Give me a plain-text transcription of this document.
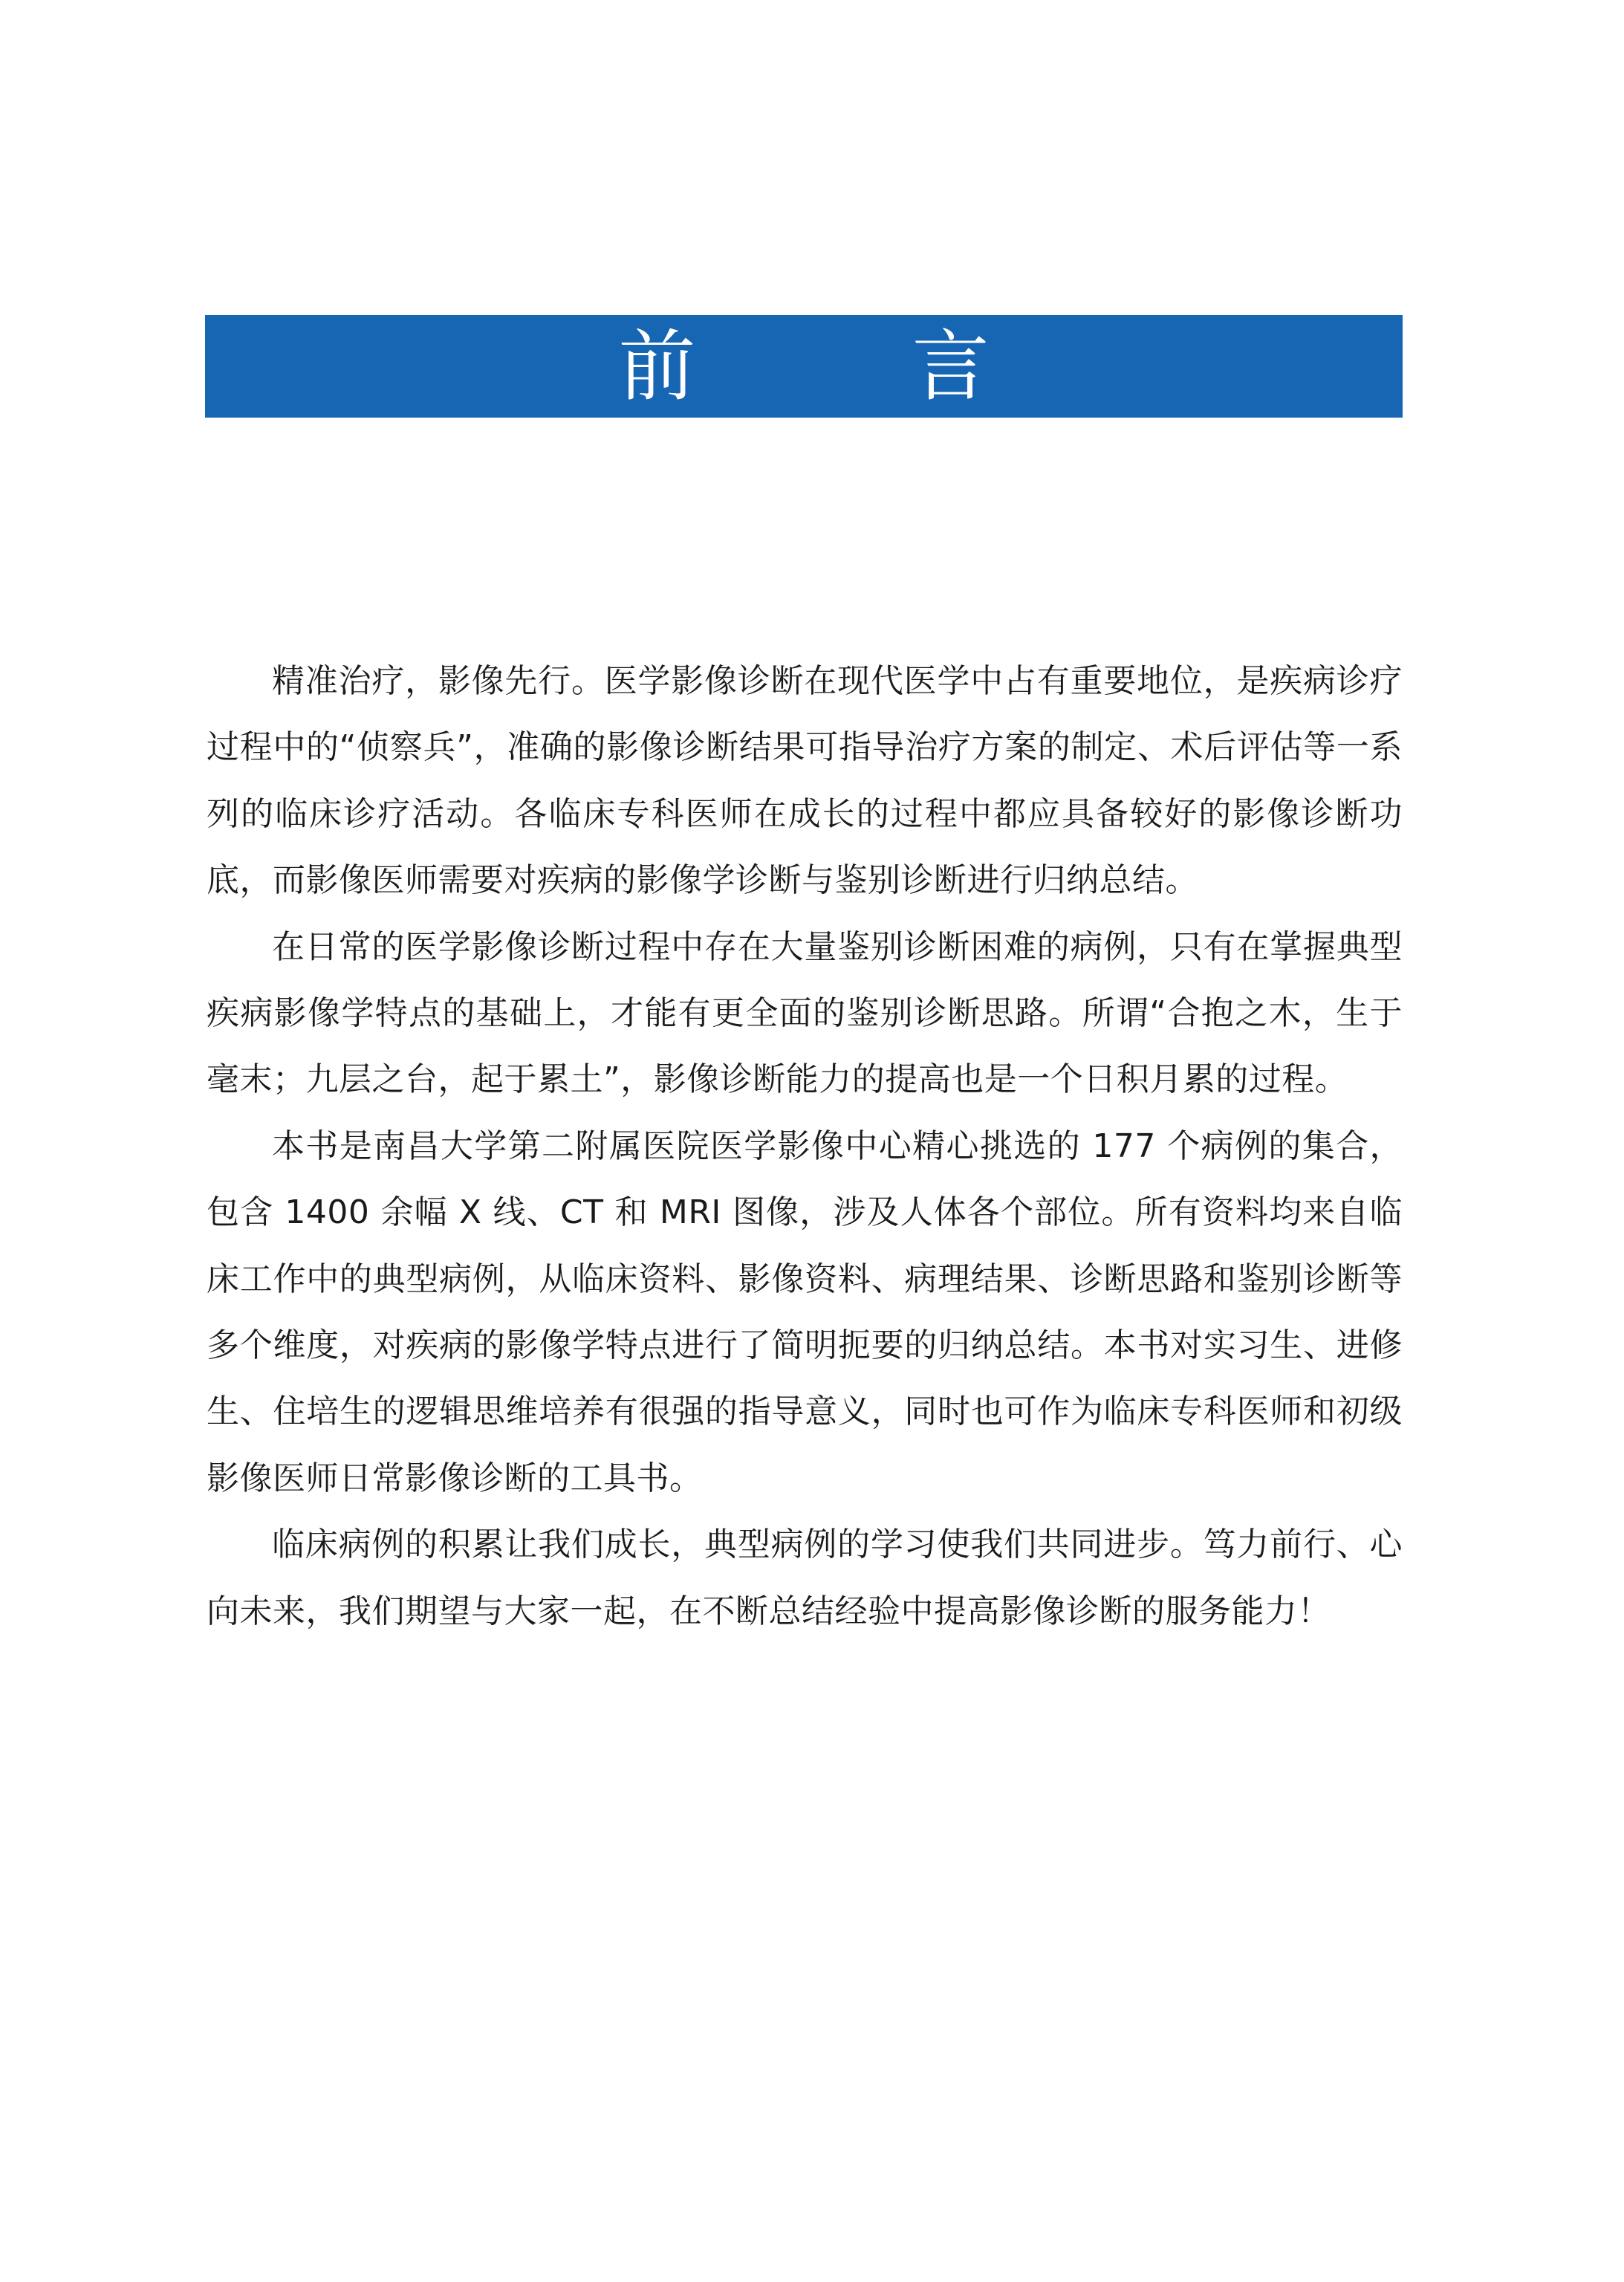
前　言

精准治疗，影像先行。医学影像诊断在现代医学中占有重要地位，是疾病诊疗过程中的“侦察兵”，准确的影像诊断结果可指导治疗方案的制定、术后评估等一系列的临床诊疗活动。各临床专科医师在成长的过程中都应具备较好的影像诊断功底，而影像医师需要对疾病的影像学诊断与鉴别诊断进行归纳总结。

在日常的医学影像诊断过程中存在大量鉴别诊断困难的病例，只有在掌握典型疾病影像学特点的基础上，才能有更全面的鉴别诊断思路。所谓“合抱之木，生于毫末；九层之台，起于累土”，影像诊断能力的提高也是一个日积月累的过程。

本书是南昌大学第二附属医院医学影像中心精心挑选的 177 个病例的集合，包含 1400 余幅 X 线、CT 和 MRI 图像，涉及人体各个部位。所有资料均来自临床工作中的典型病例，从临床资料、影像资料、病理结果、诊断思路和鉴别诊断等多个维度，对疾病的影像学特点进行了简明扼要的归纳总结。本书对实习生、进修生、住培生的逻辑思维培养有很强的指导意义，同时也可作为临床专科医师和初级影像医师日常影像诊断的工具书。

临床病例的积累让我们成长，典型病例的学习使我们共同进步。笃力前行、心向未来，我们期望与大家一起，在不断总结经验中提高影像诊断的服务能力！
